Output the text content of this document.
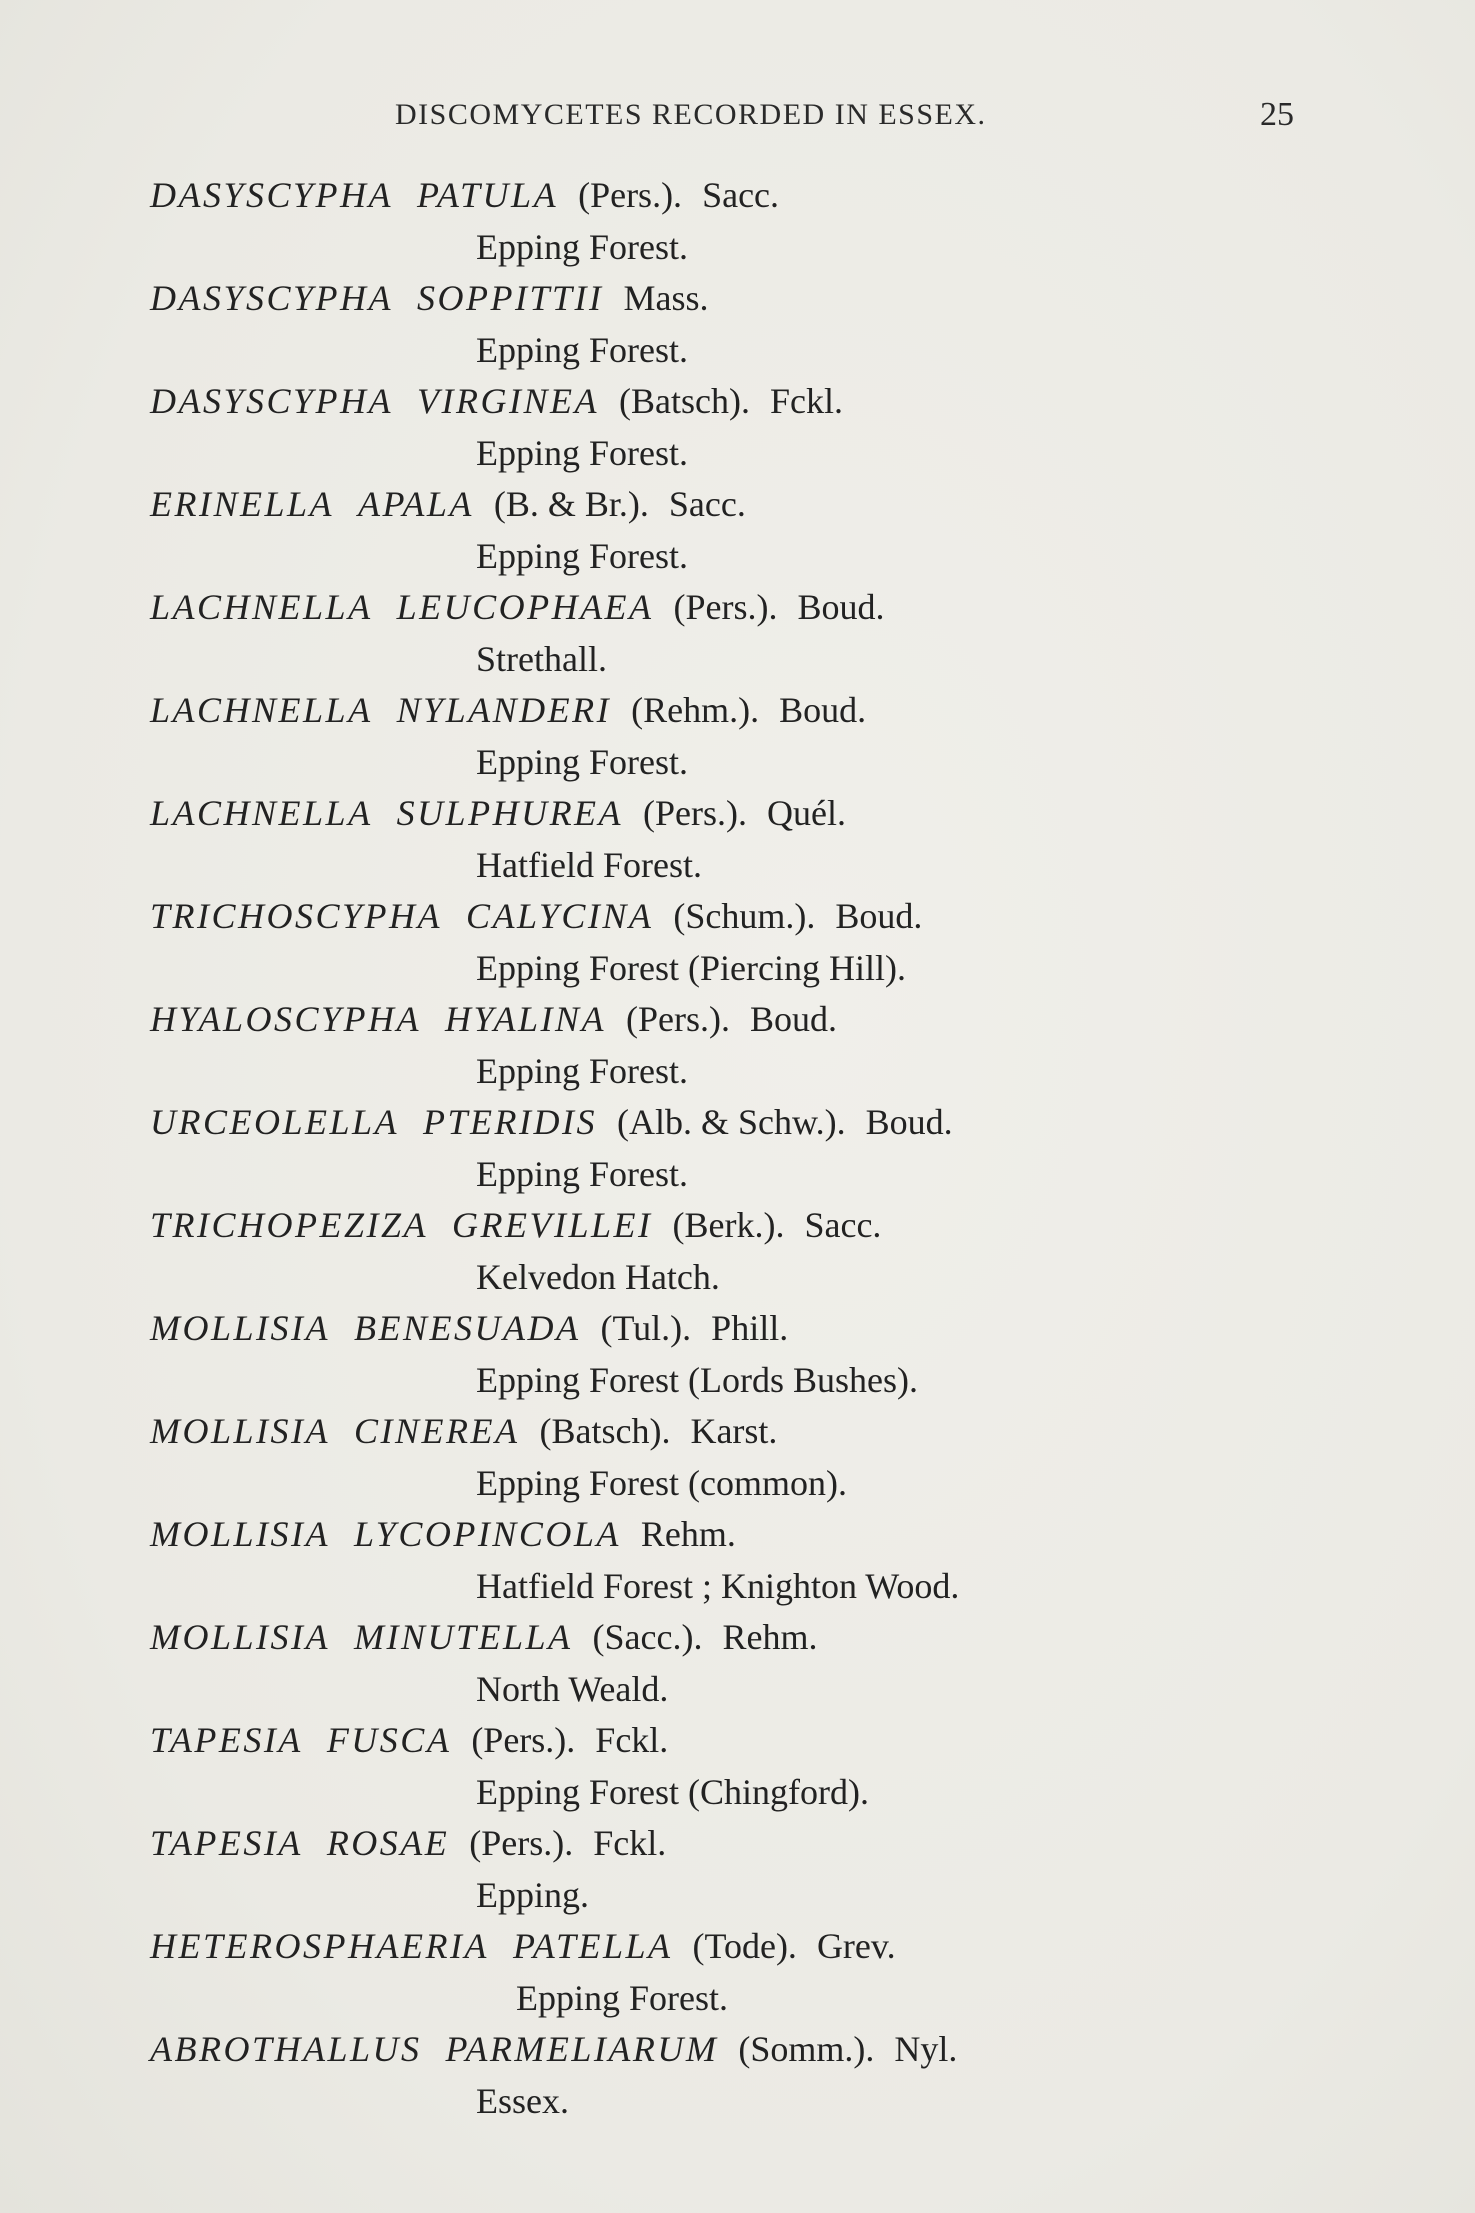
DISCOMYCETES RECORDED IN ESSEX.	25
DASYSCYPHA PATULA (Pers.). Sacc.
Epping Forest.
DASYSCYPHA SOPPITTII Mass.
Epping Forest.
DASYSCYPHA VIRGINEA (Batsch). Fckl.
Epping Forest.
ERINELLA APALA (B. & Br.). Sacc.
Epping Forest.
LACHNELLA LEUCOPHAEA (Pers.). Boud.
Strethall.
LACHNELLA NYLANDERI (Rehm.). Boud.
Epping Forest.
LACHNELLA SULPHUREA (Pers.). Quél.
Hatfield Forest.
TRICHOSCYPHA CALYCINA (Schum.). Boud.
Epping Forest (Piercing Hill).
HYALOSCYPHA HYALINA (Pers.). Boud.
Epping Forest.
URCEOLELLA PTERIDIS (Alb. & Schw.). Boud.
Epping Forest.
TRICHOPEZIZA GREVILLEI (Berk.). Sacc.
Kelvedon Hatch.
MOLLISIA BENESUADA (Tul.). Phill.
Epping Forest (Lords Bushes).
MOLLISIA CINEREA (Batsch). Karst.
Epping Forest (common).
MOLLISIA LYCOPINCOLA Rehm.
Hatfield Forest ; Knighton Wood.
MOLLISIA MINUTELLA (Sacc.). Rehm.
North Weald.
TAPESIA FUSCA (Pers.). Fckl.
Epping Forest (Chingford).
TAPESIA ROSAE (Pers.). Fckl.
Epping.
HETEROSPHAERIA PATELLA (Tode). Grev.
Epping Forest.
ABROTHALLUS PARMELIARUM (Somm.). Nyl.
Essex.
